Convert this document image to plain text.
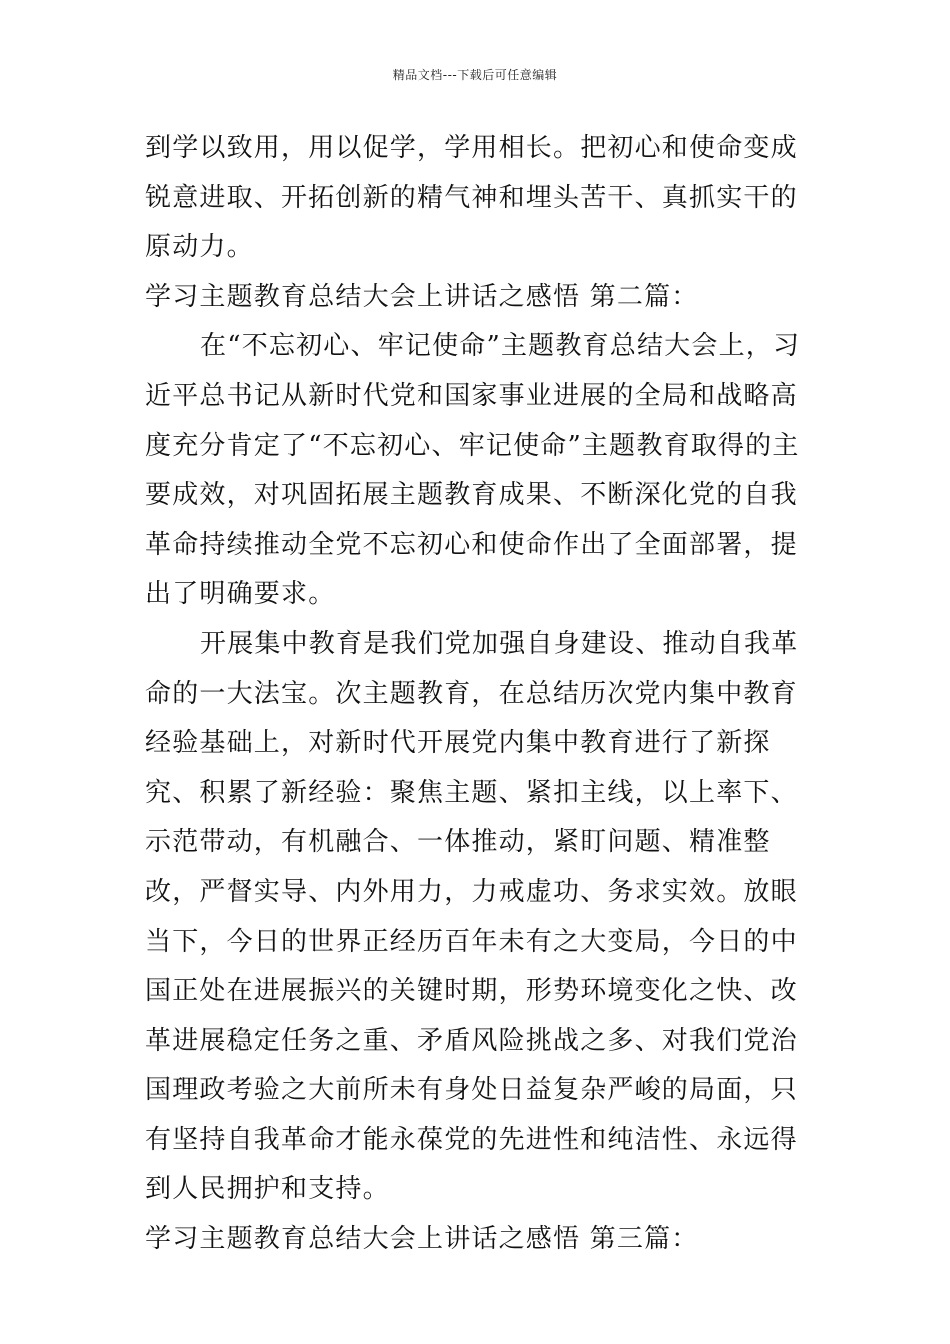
精品文档---下载后可任意编辑

到学以致用，用以促学，学用相长。把初心和使命变成锐意进取、开拓创新的精气神和埋头苦干、真抓实干的原动力。

学习主题教育总结大会上讲话之感悟 第二篇：

在“不忘初心、牢记使命”主题教育总结大会上，习近平总书记从新时代党和国家事业进展的全局和战略高度充分肯定了“不忘初心、牢记使命”主题教育取得的主要成效，对巩固拓展主题教育成果、不断深化党的自我革命持续推动全党不忘初心和使命作出了全面部署，提出了明确要求。

开展集中教育是我们党加强自身建设、推动自我革命的一大法宝。次主题教育，在总结历次党内集中教育经验基础上，对新时代开展党内集中教育进行了新探究、积累了新经验：聚焦主题、紧扣主线，以上率下、示范带动，有机融合、一体推动，紧盯问题、精准整改，严督实导、内外用力，力戒虚功、务求实效。放眼当下，今日的世界正经历百年未有之大变局，今日的中国正处在进展振兴的关键时期，形势环境变化之快、改革进展稳定任务之重、矛盾风险挑战之多、对我们党治国理政考验之大前所未有身处日益复杂严峻的局面，只有坚持自我革命才能永葆党的先进性和纯洁性、永远得到人民拥护和支持。

学习主题教育总结大会上讲话之感悟 第三篇：
